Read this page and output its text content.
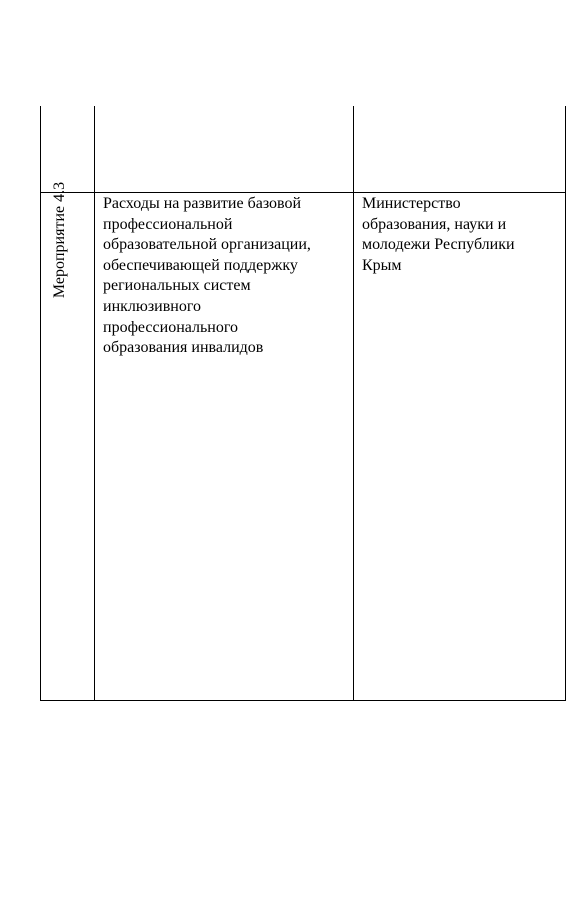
Мероприятие 4.3 Расходы на развитие базовой
профессиональной
образовательной организации,
обеспечивающей поддержку
региональных систем
инклюзивного
профессионального
образования инвалидов
Министерство
образования, науки и
молодежи Республики
Крым
